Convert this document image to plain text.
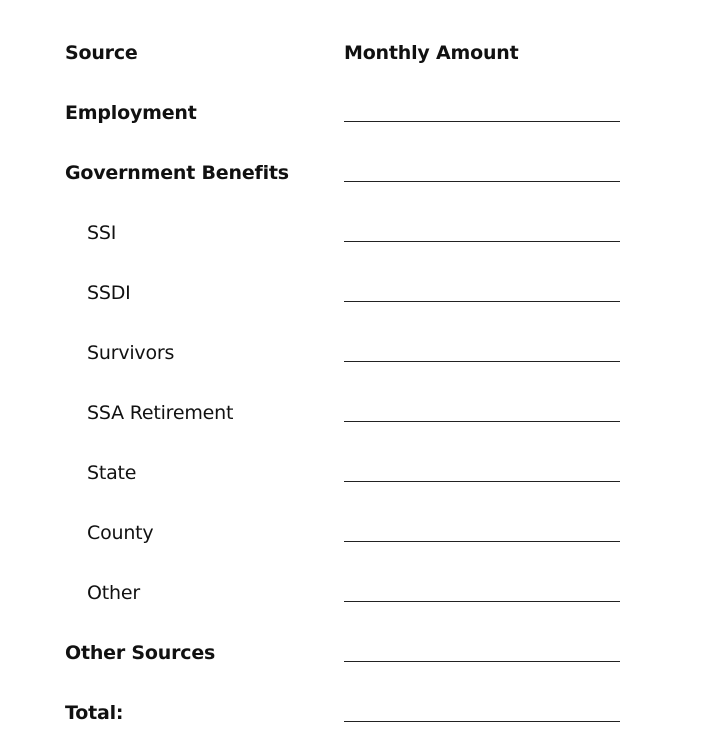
Source	Monthly Amount
Employment
Government Benefits
SSI
SSDI
Survivors
SSA Retirement
State
County
Other
Other Sources
Total:
